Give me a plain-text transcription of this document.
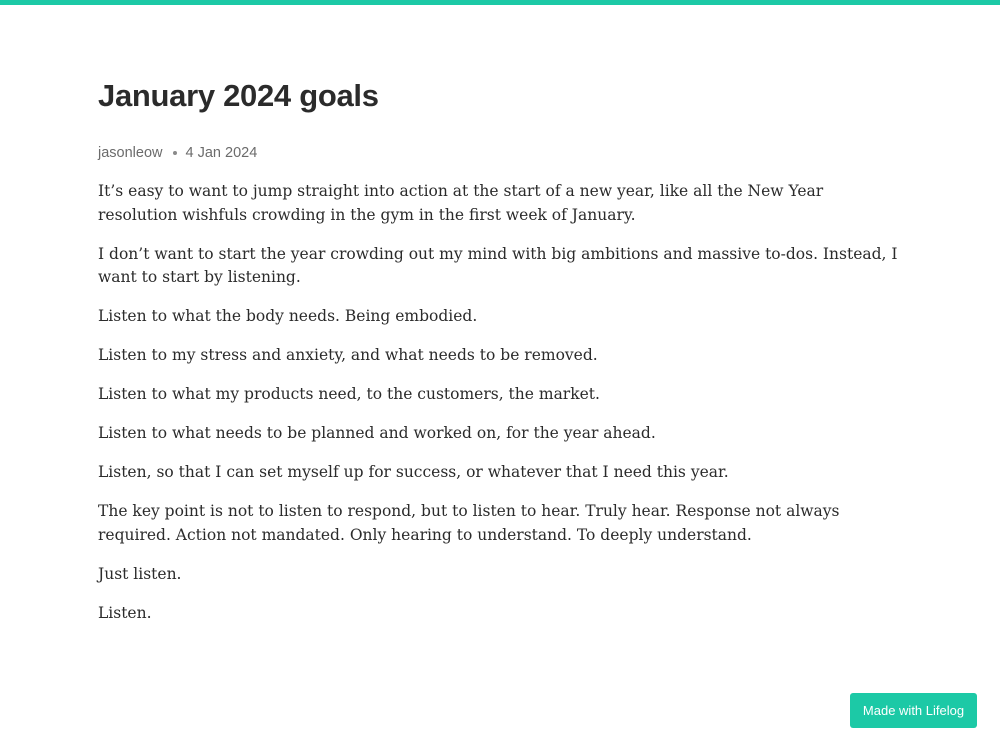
January 2024 goals
jasonleow 4 Jan 2024

It’s easy to want to jump straight into action at the start of a new year, like all the New Year resolution wishfuls crowding in the gym in the first week of January.

I don’t want to start the year crowding out my mind with big ambitions and massive to-dos. Instead, I want to start by listening.

Listen to what the body needs. Being embodied.

Listen to my stress and anxiety, and what needs to be removed.

Listen to what my products need, to the customers, the market.

Listen to what needs to be planned and worked on, for the year ahead.

Listen, so that I can set myself up for success, or whatever that I need this year.

The key point is not to listen to respond, but to listen to hear. Truly hear. Response not always required. Action not mandated. Only hearing to understand. To deeply understand.

Just listen.

Listen.

Made with Lifelog
